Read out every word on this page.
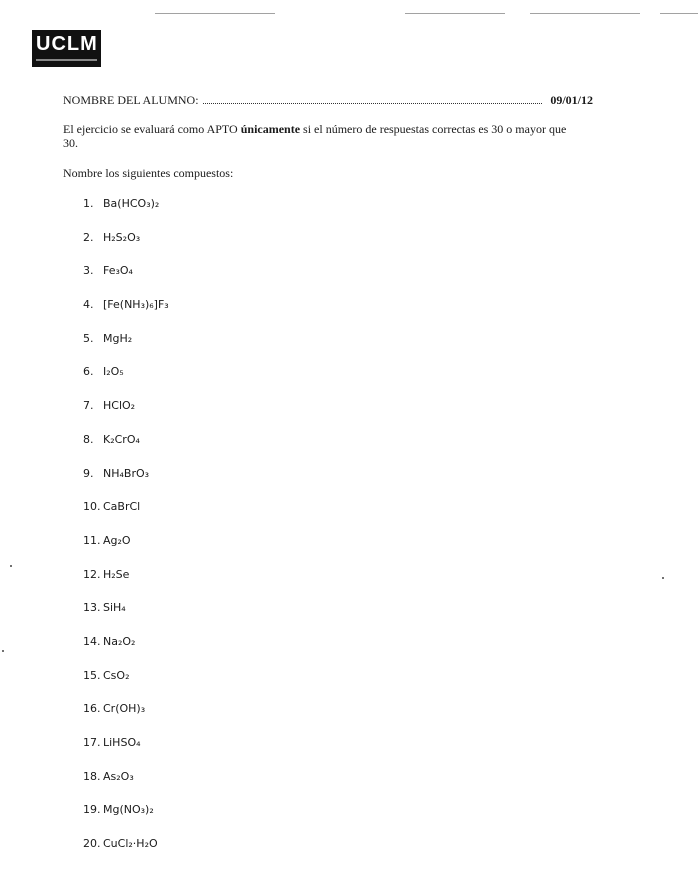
UCLM
NOMBRE DEL ALUMNO:	09/01/12
El ejercicio se evaluará como APTO únicamente si el número de respuestas correctas es 30 o mayor que 30.
Nombre los siguientes compuestos:
1. Ba(HCO₃)₂
2. H₂S₂O₃
3. Fe₃O₄
4. [Fe(NH₃)₆]F₃
5. MgH₂
6. I₂O₅
7. HClO₂
8. K₂CrO₄
9. NH₄BrO₃
10. CaBrCl
11. Ag₂O
12. H₂Se
13. SiH₄
14. Na₂O₂
15. CsO₂
16. Cr(OH)₃
17. LiHSO₄
18. As₂O₃
19. Mg(NO₃)₂
20. CuCl₂·H₂O
